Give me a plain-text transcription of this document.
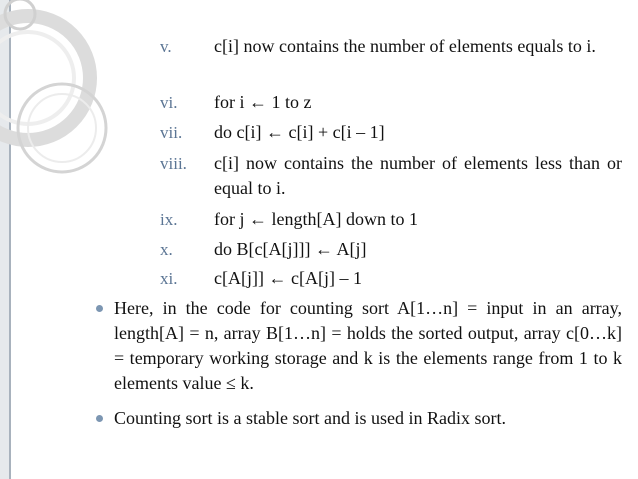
v.	c[i] now contains the number of elements equals to i.
vi.	for i ← 1 to z
vii.	do c[i] ← c[i] + c[i – 1]
viii.	c[i] now contains the number of elements less than or equal to i.
ix.	for j ← length[A] down to 1
x.	do B[c[A[j]]] ← A[j]
xi.	c[A[j]] ← c[A[j] – 1
Here, in the code for counting sort A[1…n] = input in an array, length[A] = n, array B[1…n] = holds the sorted output, array c[0…k] = temporary working storage and k is the elements range from 1 to k elements value ≤ k.
Counting sort is a stable sort and is used in Radix sort.
